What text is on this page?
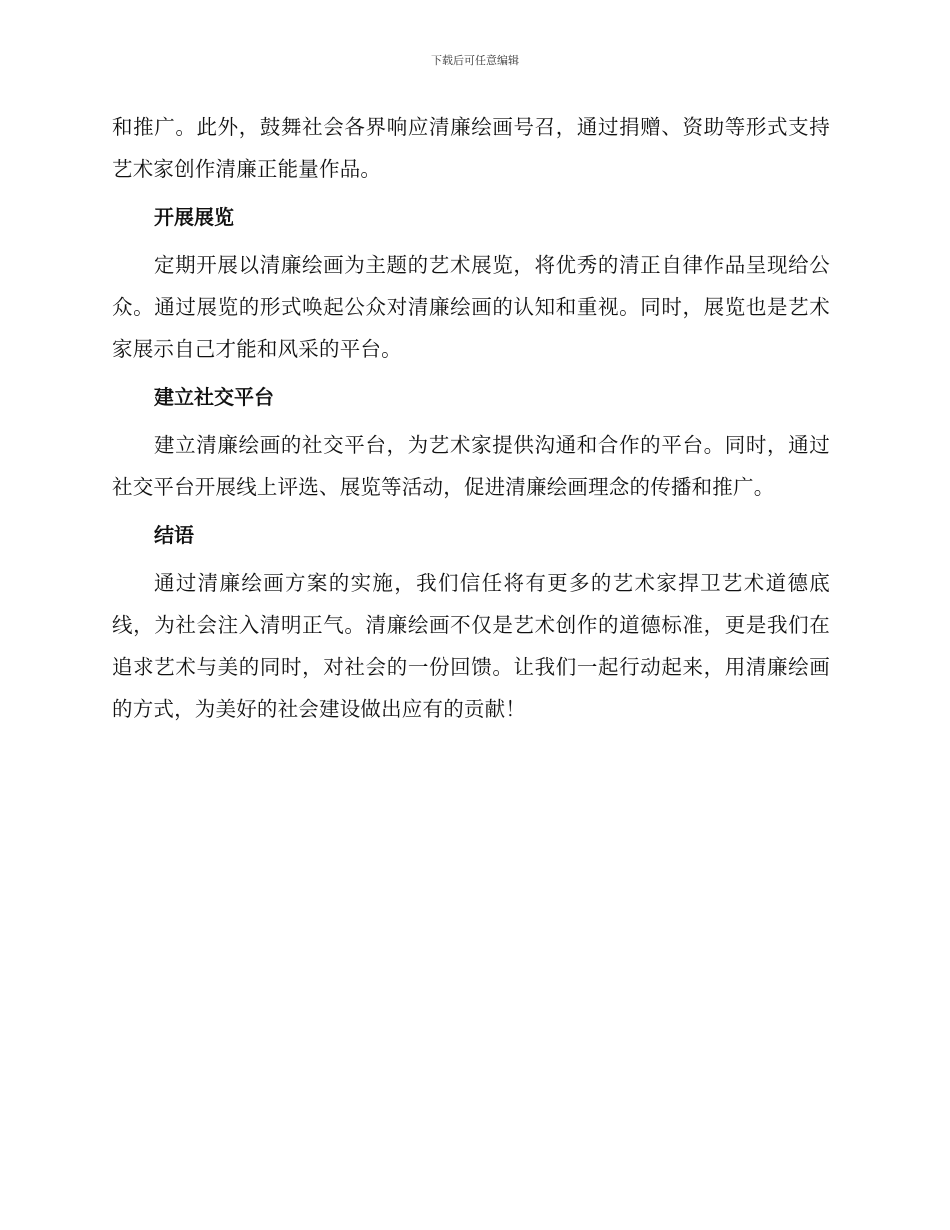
下载后可任意编辑

和推广。此外，鼓舞社会各界响应清廉绘画号召，通过捐赠、资助等形式支持艺术家创作清廉正能量作品。

开展展览

定期开展以清廉绘画为主题的艺术展览，将优秀的清正自律作品呈现给公众。通过展览的形式唤起公众对清廉绘画的认知和重视。同时，展览也是艺术家展示自己才能和风采的平台。

建立社交平台

建立清廉绘画的社交平台，为艺术家提供沟通和合作的平台。同时，通过社交平台开展线上评选、展览等活动，促进清廉绘画理念的传播和推广。

结语

通过清廉绘画方案的实施，我们信任将有更多的艺术家捍卫艺术道德底线，为社会注入清明正气。清廉绘画不仅是艺术创作的道德标准，更是我们在追求艺术与美的同时，对社会的一份回馈。让我们一起行动起来，用清廉绘画的方式，为美好的社会建设做出应有的贡献！
